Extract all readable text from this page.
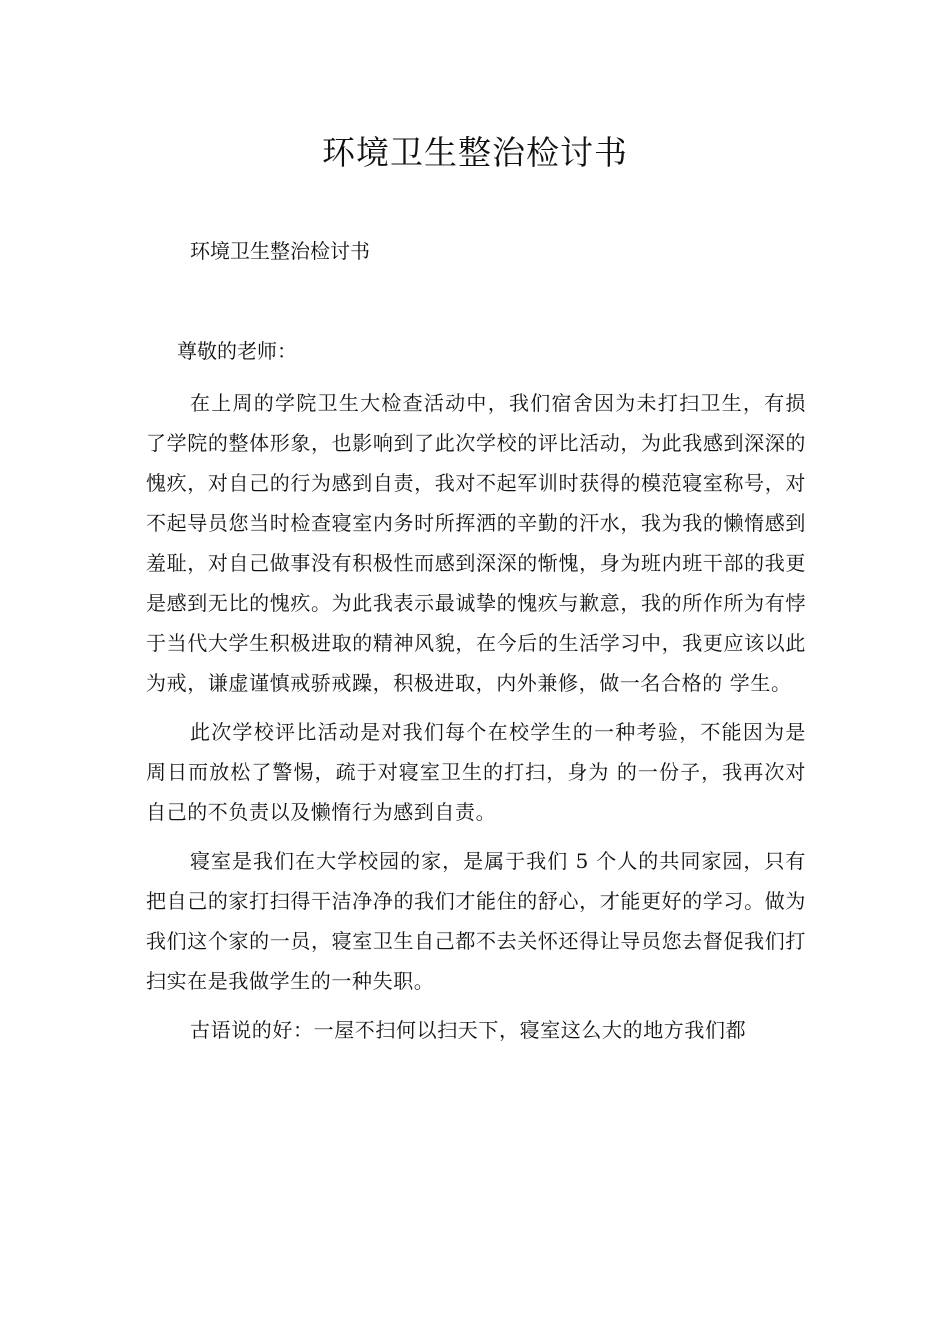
环境卫生整治检讨书

环境卫生整治检讨书

尊敬的老师：

在上周的学院卫生大检查活动中，我们宿舍因为未打扫卫生，有损了学院的整体形象，也影响到了此次学校的评比活动，为此我感到深深的愧疚，对自己的行为感到自责，我对不起军训时获得的模范寝室称号，对不起导员您当时检查寝室内务时所挥洒的辛勤的汗水，我为我的懒惰感到羞耻，对自己做事没有积极性而感到深深的惭愧，身为班内班干部的我更是感到无比的愧疚。为此我表示最诚挚的愧疚与歉意，我的所作所为有悖于当代大学生积极进取的精神风貌，在今后的生活学习中，我更应该以此为戒，谦虚谨慎戒骄戒躁，积极进取，内外兼修，做一名合格的 学生。

此次学校评比活动是对我们每个在校学生的一种考验，不能因为是周日而放松了警惕，疏于对寝室卫生的打扫，身为 的一份子，我再次对自己的不负责以及懒惰行为感到自责。

寝室是我们在大学校园的家，是属于我们 5 个人的共同家园，只有把自己的家打扫得干洁净净的我们才能住的舒心，才能更好的学习。做为我们这个家的一员，寝室卫生自己都不去关怀还得让导员您去督促我们打扫实在是我做学生的一种失职。

古语说的好：一屋不扫何以扫天下，寝室这么大的地方我们都
